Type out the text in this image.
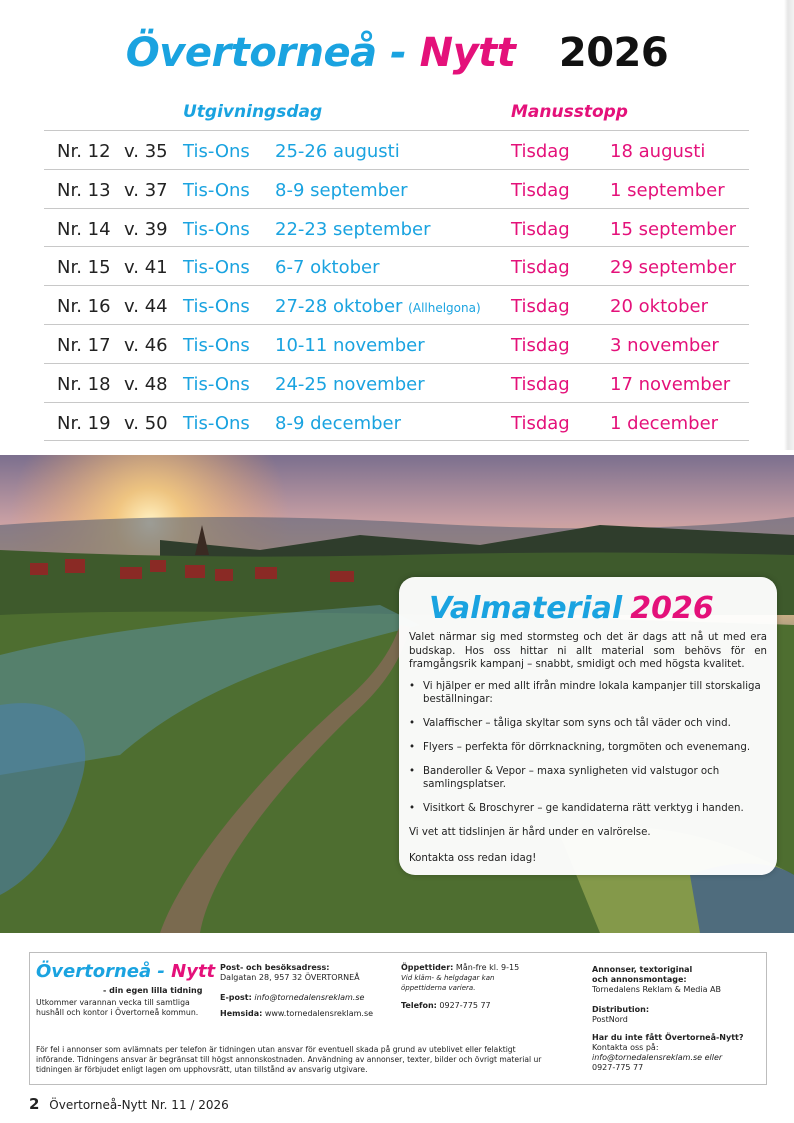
Övertorneå - Nytt 2026
Utgivningsdag	Manusstopp
Nr. 12 v. 35 Tis-Ons 25-26 augusti	Tisdag 18 augusti
Nr. 13 v. 37 Tis-Ons 8-9 september	Tisdag 1 september
Nr. 14 v. 39 Tis-Ons 22-23 september	Tisdag 15 september
Nr. 15 v. 41 Tis-Ons 6-7 oktober	Tisdag 29 september
Nr. 16 v. 44 Tis-Ons 27-28 oktober (Allhelgona) Tisdag 20 oktober
Nr. 17 v. 46 Tis-Ons 10-11 november	Tisdag 3 november
Nr. 18 v. 48 Tis-Ons 24-25 november	Tisdag 17 november
Nr. 19 v. 50 Tis-Ons 8-9 december	Tisdag 1 december
Valmaterial 2026
Valet närmar sig med stormsteg och det är dags att nå ut med era budskap. Hos oss hittar ni allt material som behövs för en framgångsrik kampanj – snabbt, smidigt och med högsta kvalitet.
• Vi hjälper er med allt ifrån mindre lokala kampanjer till storskaliga beställningar:
• Valaffischer – tåliga skyltar som syns och tål väder och vind.
• Flyers – perfekta för dörrknackning, torgmöten och evenemang.
• Banderoller & Vepor – maxa synligheten vid valstugor och samlingsplatser.
• Visitkort & Broschyrer – ge kandidaterna rätt verktyg i handen.
Vi vet att tidslinjen är hård under en valrörelse.
Kontakta oss redan idag!
Övertorneå - Nytt
- din egen lilla tidning
Utkommer varannan vecka till samtliga hushåll och kontor i Övertorneå kommun.
Post- och besöksadress:
Dalgatan 28, 957 32 ÖVERTORNEÅ
E-post: info@tornedalensreklam.se
Hemsida: www.tornedalensreklam.se
Öppettider: Mån-fre kl. 9-15
Vid kläm- & helgdagar kan
öppettiderna variera.
Telefon: 0927-775 77
Annonser, textoriginal
och annonsmontage:
Tornedalens Reklam & Media AB
Distribution:
PostNord
Har du inte fått Övertorneå-Nytt?
Kontakta oss på:
info@tornedalensreklam.se eller
0927-775 77
För fel i annonser som avlämnats per telefon är tidningen utan ansvar för eventuell skada på grund av uteblivet eller felaktigt införande. Tidningens ansvar är begränsat till högst annonskostnaden. Användning av annonser, texter, bilder och övrigt material ur tidningen är förbjudet enligt lagen om upphovsrätt, utan tillstånd av ansvarig utgivare.
2 Övertorneå-Nytt Nr. 11 / 2026
